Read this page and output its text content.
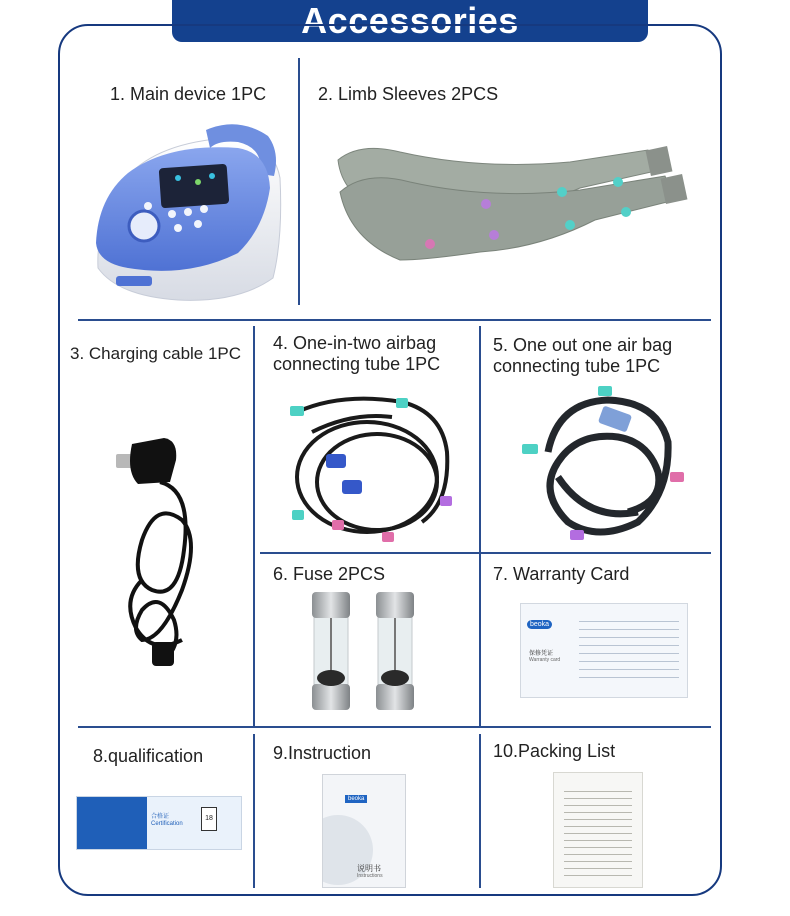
Accessories
1. Main device 1PC	2. Limb Sleeves 2PCS
3. Charging cable 1PC
4. One-in-two airbag
connecting tube 1PC
5. One out one air bag
connecting tube 1PC
6. Fuse 2PCS	7. Warranty Card
8.qualification	9.Instruction	10.Packing List
beoka
保修凭证
Warranty card
合格证
Certification
18
beoka
说明书
Instructions
